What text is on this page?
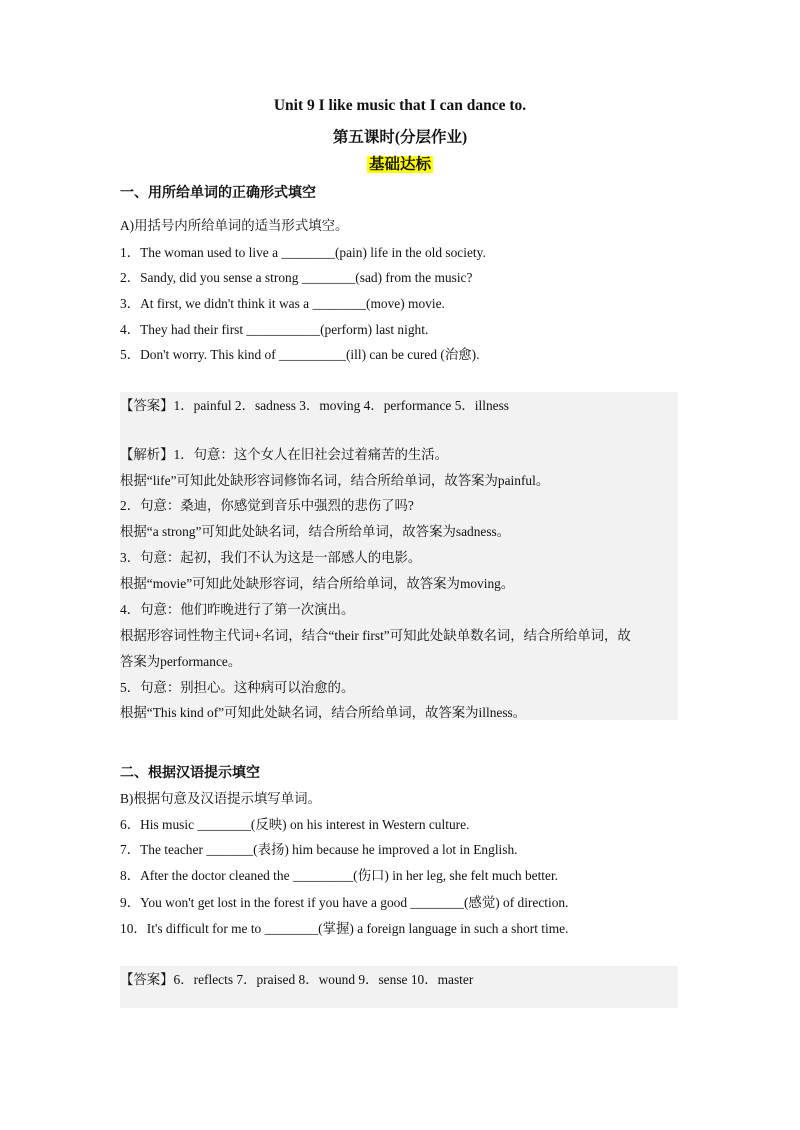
Unit 9 I like music that I can dance to.
第五课时(分层作业)
基础达标
一、用所给单词的正确形式填空
A)用括号内所给单词的适当形式填空。
1．The woman used to live a ________(pain) life in the old society.
2．Sandy, did you sense a strong ________(sad) from the music?
3．At first, we didn't think it was a ________(move) movie.
4．They had their first ___________(perform) last night.
5．Don't worry. This kind of __________(ill) can be cured (治愈).
【答案】1．painful 2．sadness 3．moving 4．performance 5．illness
【解析】1．句意：这个女人在旧社会过着痛苦的生活。
根据“life”可知此处缺形容词修饰名词，结合所给单词，故答案为painful。
2．句意：桑迪，你感觉到音乐中强烈的悲伤了吗?
根据“a strong”可知此处缺名词，结合所给单词，故答案为sadness。
3．句意：起初，我们不认为这是一部感人的电影。
根据“movie”可知此处缺形容词，结合所给单词，故答案为moving。
4．句意：他们昨晚进行了第一次演出。
根据形容词性物主代词+名词，结合“their first”可知此处缺单数名词，结合所给单词，故
答案为performance。
5．句意：别担心。这种病可以治愈的。
根据“This kind of”可知此处缺名词，结合所给单词，故答案为illness。
二、根据汉语提示填空
B)根据句意及汉语提示填写单词。
6．His music ________(反映) on his interest in Western culture.
7．The teacher _______(表扬) him because he improved a lot in English.
8．After the doctor cleaned the _________(伤口) in her leg, she felt much better.
9．You won't get lost in the forest if you have a good ________(感觉) of direction.
10．It's difficult for me to ________(掌握) a foreign language in such a short time.
【答案】6．reflects 7．praised 8．wound 9．sense 10．master
